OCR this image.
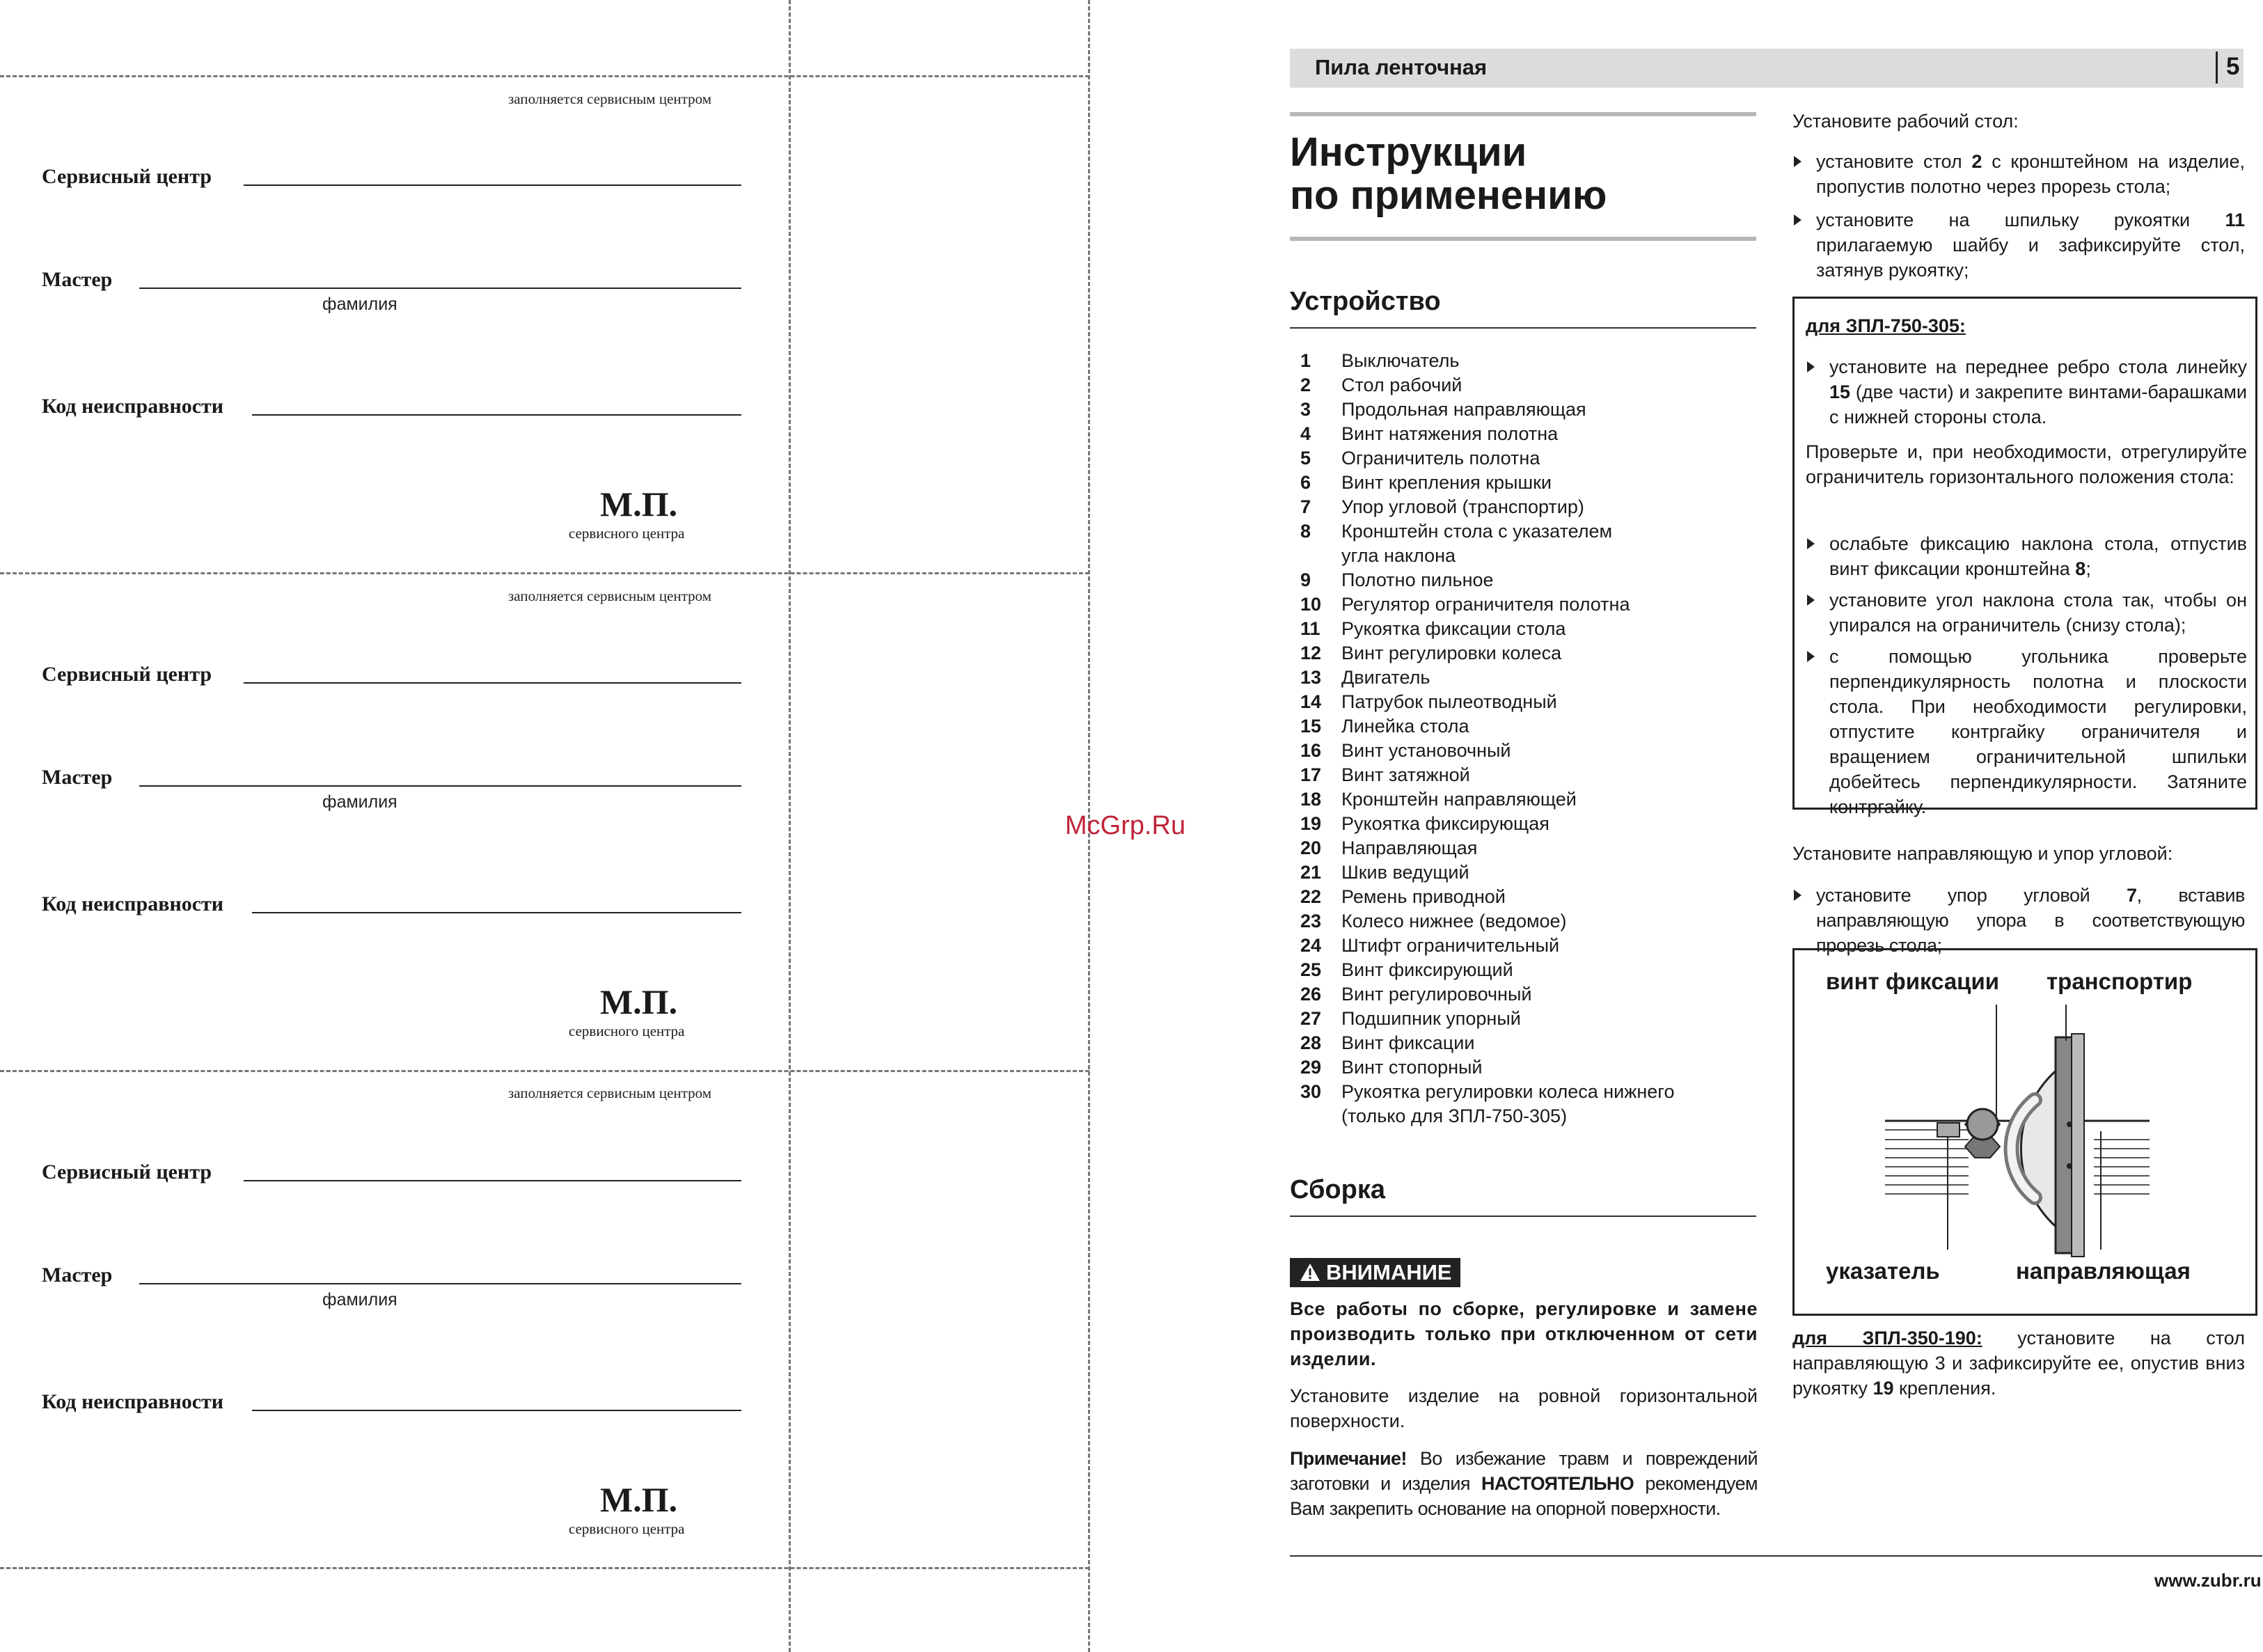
заполняется сервисным центром
Сервисный центр
Мастер
фамилия
Код неисправности
М.П.
сервисного центра
заполняется сервисным центром
Сервисный центр
Мастер
фамилия
Код неисправности
М.П.
сервисного центра
заполняется сервисным центром
Сервисный центр
Мастер
фамилия
Код неисправности
М.П.
сервисного центра
McGrp.Ru
Пила ленточная	5
Инструкции
по применению
Устройство
1	Выключатель
2	Стол рабочий
3	Продольная направляющая
4	Винт натяжения полотна
5	Ограничитель полотна
6	Винт крепления крышки
7	Упор угловой (транспортир)
8	Кронштейн стола с указателем
угла наклона
9	Полотно пильное
10	Регулятор ограничителя полотна
11	Рукоятка фиксации стола
12	Винт регулировки колеса
13	Двигатель
14	Патрубок пылеотводный
15	Линейка стола
16	Винт установочный
17	Винт затяжной
18	Кронштейн направляющей
19	Рукоятка фиксирующая
20	Направляющая
21	Шкив ведущий
22	Ремень приводной
23	Колесо нижнее (ведомое)
24	Штифт ограничительный
25	Винт фиксирующий
26	Винт регулировочный
27	Подшипник упорный
28	Винт фиксации
29	Винт стопорный
30	Рукоятка регулировки колеса нижнего
(только для ЗПЛ-750-305)
Сборка
ВНИМАНИЕ
Все работы по сборке, регулировке и замене производить только при отключенном от сети изделии.
Установите изделие на ровной горизонтальной поверхности.
Примечание! Во избежание травм и повреждений заготовки и изделия НАСТОЯТЕЛЬНО рекомендуем Вам закрепить основание на опорной поверхности.
Установите рабочий стол:
установите стол 2 с кронштейном на изделие, пропустив полотно через прорезь стола;
установите на шпильку рукоятки 11 прилагаемую шайбу и зафиксируйте стол, затянув рукоятку;
для ЗПЛ-750-305:
установите на переднее ребро стола линейку 15 (две части) и закрепите винтами-барашками с нижней стороны стола.
Проверьте и, при необходимости, отрегулируйте ограничитель горизонтального положения стола:
ослабьте фиксацию наклона стола, отпустив винт фиксации кронштейна 8;
установите угол наклона стола так, чтобы он упирался на ограничитель (снизу стола);
с помощью угольника проверьте перпендикулярность полотна и плоскости стола. При необходимости регулировки, отпустите контргайку ограничителя и вращением ограничительной шпильки добейтесь перпендикулярности. Затяните контргайку.
Установите направляющую и упор угловой:
установите упор угловой 7, вставив направляющую упора в соответствующую прорезь стола;
винт фиксации транспортир
указатель	направляющая
для ЗПЛ-350-190: установите на стол направляющую 3 и зафиксируйте ее, опустив вниз рукоятку 19 крепления.
www.zubr.ru
